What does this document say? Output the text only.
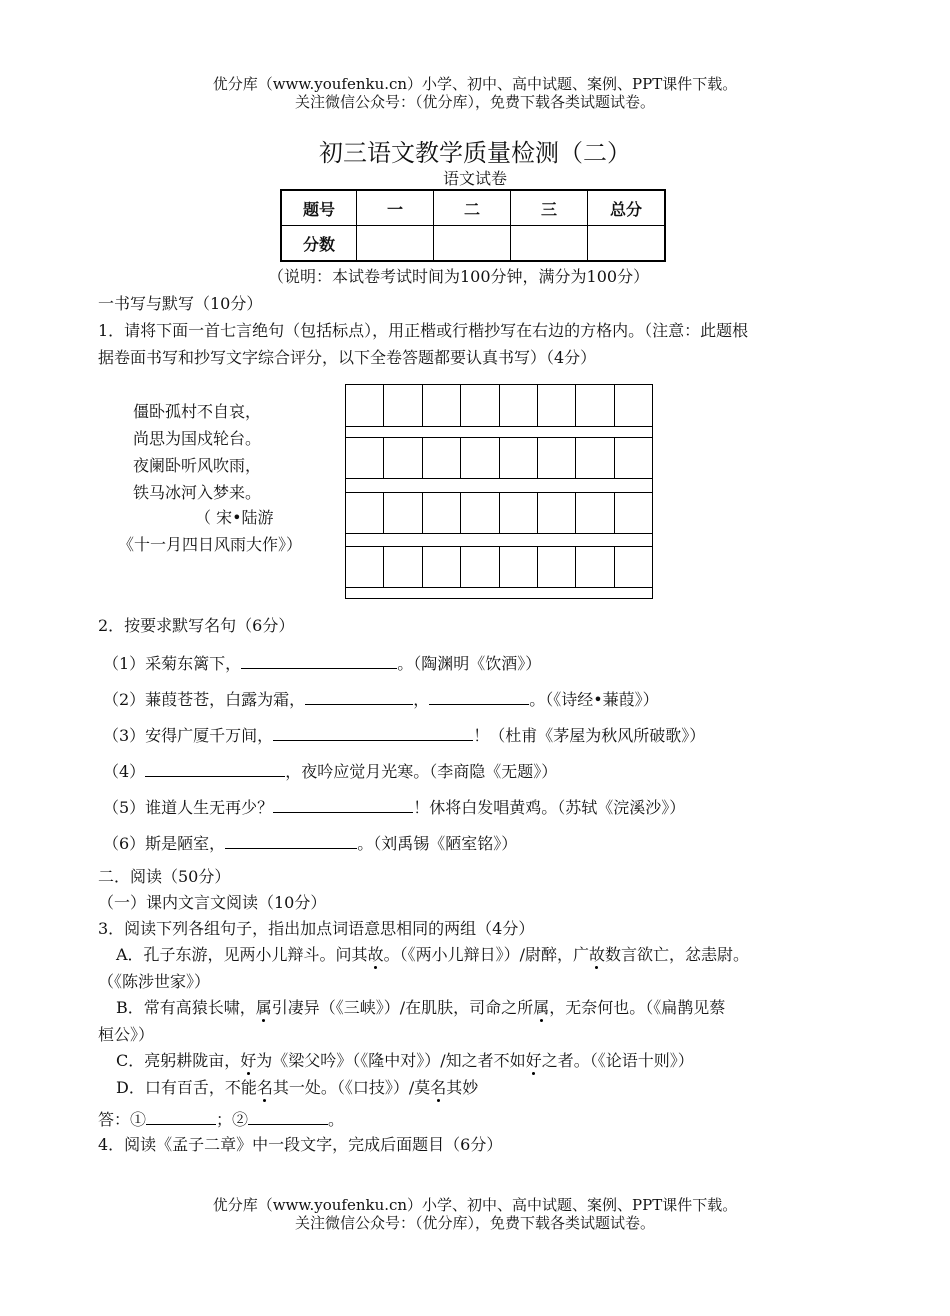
优分库（www.youfenku.cn）小学、初中、高中试题、案例、PPT课件下载。
关注微信公众号：（优分库），免费下载各类试题试卷。
初三语文教学质量检测（二）
语文试卷
题号	一	二	三	总分
分数				
（说明：本试卷考试时间为100分钟，满分为100分）
一书写与默写（10分）
1．请将下面一首七言绝句（包括标点），用正楷或行楷抄写在右边的方格内。（注意：此题根
据卷面书写和抄写文字综合评分，以下全卷答题都要认真书写）（4分）
僵卧孤村不自哀，
尚思为国戍轮台。
夜阑卧听风吹雨，
铁马冰河入梦来。
（ 宋•陆游
《十一月四日风雨大作》）
2．按要求默写名句（6分）
（1）采菊东篱下，	。（陶渊明《饮酒》）
（2）蒹葭苍苍，白露为霜，	，	。（《诗经•蒹葭》）
（3）安得广厦千万间，	！（杜甫《茅屋为秋风所破歌》）
（4）	，夜吟应觉月光寒。（李商隐《无题》）
（5）谁道人生无再少？	！休将白发唱黄鸡。（苏轼《浣溪沙》）
（6）斯是陋室，	。（刘禹锡《陋室铭》）
二．阅读（50分）
（一）课内文言文阅读（10分）
3．阅读下列各组句子，指出加点词语意思相同的两组（4分）
A．孔子东游，见两小儿辩斗。问其故。（《两小儿辩日》）/尉醉，广故数言欲亡，忿恚尉。
（《陈涉世家》）
B．常有高猿长啸，属引凄异（《三峡》）/在肌肤，司命之所属，无奈何也。（《扁鹊见蔡
桓公》）
C．亮躬耕陇亩，好为《梁父吟》（《隆中对》）/知之者不如好之者。（《论语十则》）
D．口有百舌，不能名其一处。（《口技》）/莫名其妙
答：①	；②	。
4．阅读《孟子二章》中一段文字，完成后面题目（6分）
优分库（www.youfenku.cn）小学、初中、高中试题、案例、PPT课件下载。
关注微信公众号：（优分库），免费下载各类试题试卷。
